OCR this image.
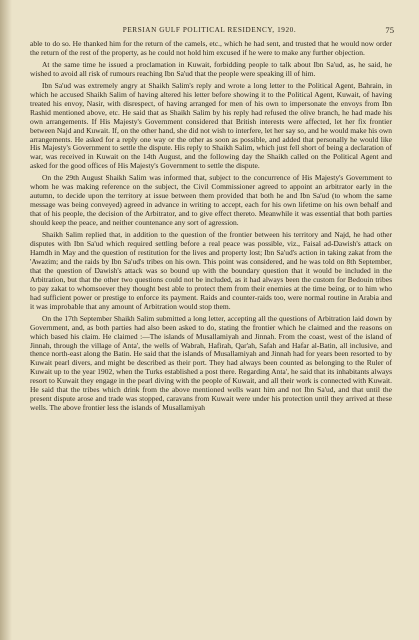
PERSIAN GULF POLITICAL RESIDENCY, 1920.	75

able to do so. He thanked him for the return of the camels, etc., which he had sent, and trusted that he would now order the return of the rest of the property, as he could not hold him excused if he were to make any further objection.

At the same time he issued a proclamation in Kuwait, forbidding people to talk about Ibn Sa'ud, as, he said, he wished to avoid all risk of rumours reaching Ibn Sa'ud that the people were speaking ill of him.

Ibn Sa'ud was extremely angry at Shaikh Salim's reply and wrote a long letter to the Political Agent, Bahrain, in which he accused Shaikh Salim of having altered his letter before showing it to the Political Agent, Kuwait, of having treated his envoy, Nasir, with disrespect, of having arranged for men of his own to impersonate the envoys from Ibn Rashid mentioned above, etc. He said that as Shaikh Salim by his reply had refused the olive branch, he had made his own arrangements. If His Majesty's Government considered that British interests were affected, let her fix frontier between Najd and Kuwait. If, on the other hand, she did not wish to interfere, let her say so, and he would make his own arrangements. He asked for a reply one way or the other as soon as possible, and added that personally he would like His Majesty's Government to settle the dispute. His reply to Shaikh Salim, which just fell short of being a declaration of war, was received in Kuwait on the 14th August, and the following day the Shaikh called on the Political Agent and asked for the good offices of His Majesty's Government to settle the dispute.

On the 29th August Shaikh Salim was informed that, subject to the concurrence of His Majesty's Government to whom he was making reference on the subject, the Civil Commissioner agreed to appoint an arbitrator early in the autumn, to decide upon the territory at issue between them provided that both he and Ibn Sa'ud (to whom the same message was being conveyed) agreed in advance in writing to accept, each for his own lifetime on his own behalf and that of his people, the decision of the Arbitrator, and to give effect thereto. Meanwhile it was essential that both parties should keep the peace, and neither countenance any sort of agression.

Shaikh Salim replied that, in addition to the question of the frontier between his territory and Najd, he had other disputes with Ibn Sa'ud which required settling before a real peace was possible, viz., Faisal ad-Dawish's attack on Hamdh in May and the question of restitution for the lives and property lost; Ibn Sa'ud's action in taking zakat from the 'Awazim; and the raids by Ibn Sa'ud's tribes on his own. This point was considered, and he was told on 8th September, that the question of Dawish's attack was so bound up with the boundary question that it would be included in the Arbitration, but that the other two questions could not be included, as it had always been the custom for Bedouin tribes to pay zakat to whomsoever they thought best able to protect them from their enemies at the time being, or to him who had sufficient power or prestige to enforce its payment. Raids and counter-raids too, were normal routine in Arabia and it was improbable that any amount of Arbitration would stop them.

On the 17th September Shaikh Salim submitted a long letter, accepting all the questions of Arbitration laid down by Government, and, as both parties had also been asked to do, stating the frontier which he claimed and the reasons on which based his claim. He claimed :—The islands of Musallamiyah and Jinnah. From the coast, west of the island of Jinnah, through the village of Anta', the wells of Wabrah, Hafirah, Qar'ah, Safah and Hafar al-Batin, all inclusive, and thence north-east along the Batin. He said that the islands of Musallamiyah and Jinnah had for years been resorted to by Kuwait pearl divers, and might be described as their port. They had always been counted as belonging to the Ruler of Kuwait up to the year 1902, when the Turks established a post there. Regarding Anta', he said that its inhabitants always resort to Kuwait they engage in the pearl diving with the people of Kuwait, and all their work is connected with Kuwait. He said that the tribes which drink from the above mentioned wells want him and not Ibn Sa'ud, and that until the present dispute arose and trade was stopped, caravans from Kuwait were under his protection until they arrived at these wells. The above frontier less the islands of Musallamiyah
